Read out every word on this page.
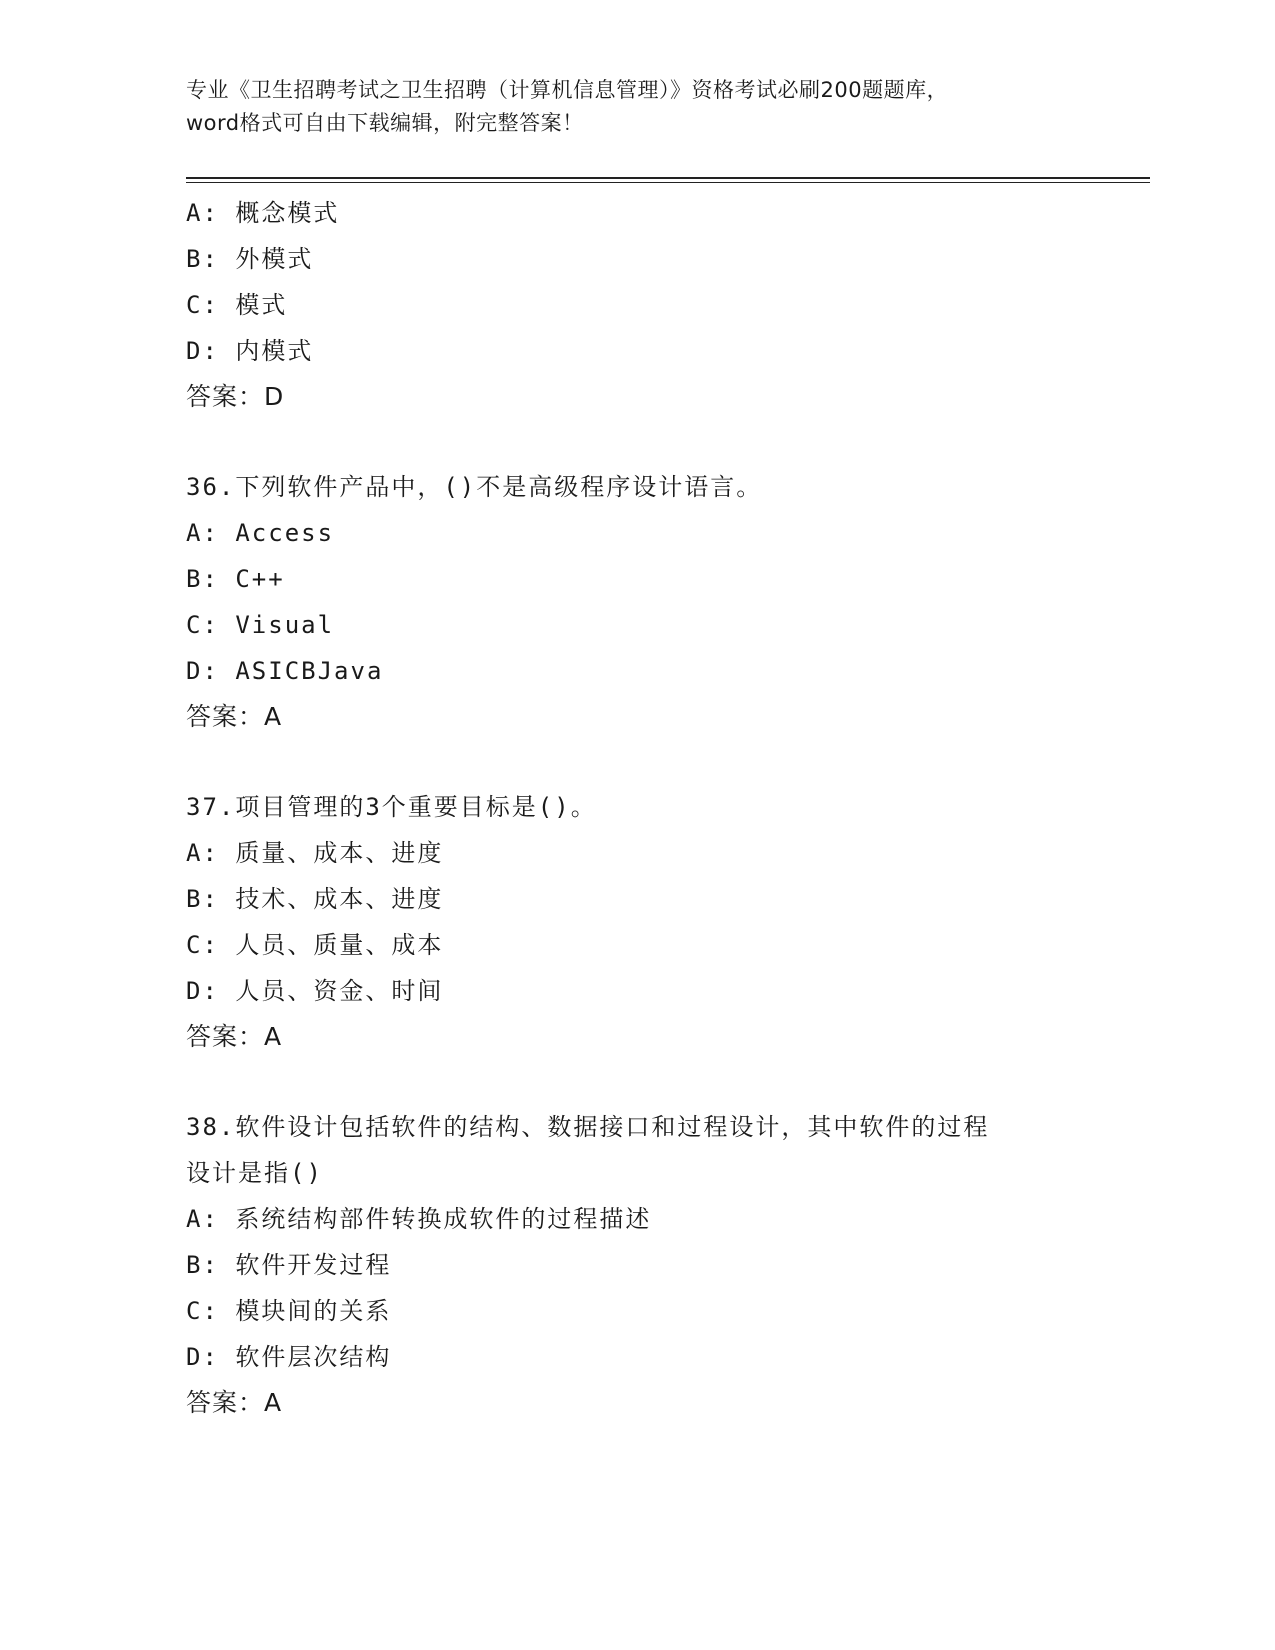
专业《卫生招聘考试之卫生招聘（计算机信息管理）》资格考试必刷200题题库，
word格式可自由下载编辑，附完整答案！
A: 概念模式
B: 外模式
C: 模式
D: 内模式
答案：D
36.下列软件产品中，()不是高级程序设计语言。
A: Access
B: C++
C: Visual
D: ASICBJava
答案：A
37.项目管理的3个重要目标是()。
A: 质量、成本、进度
B: 技术、成本、进度
C: 人员、质量、成本
D: 人员、资金、时间
答案：A
38.软件设计包括软件的结构、数据接口和过程设计，其中软件的过程
设计是指()
A: 系统结构部件转换成软件的过程描述
B: 软件开发过程
C: 模块间的关系
D: 软件层次结构
答案：A
